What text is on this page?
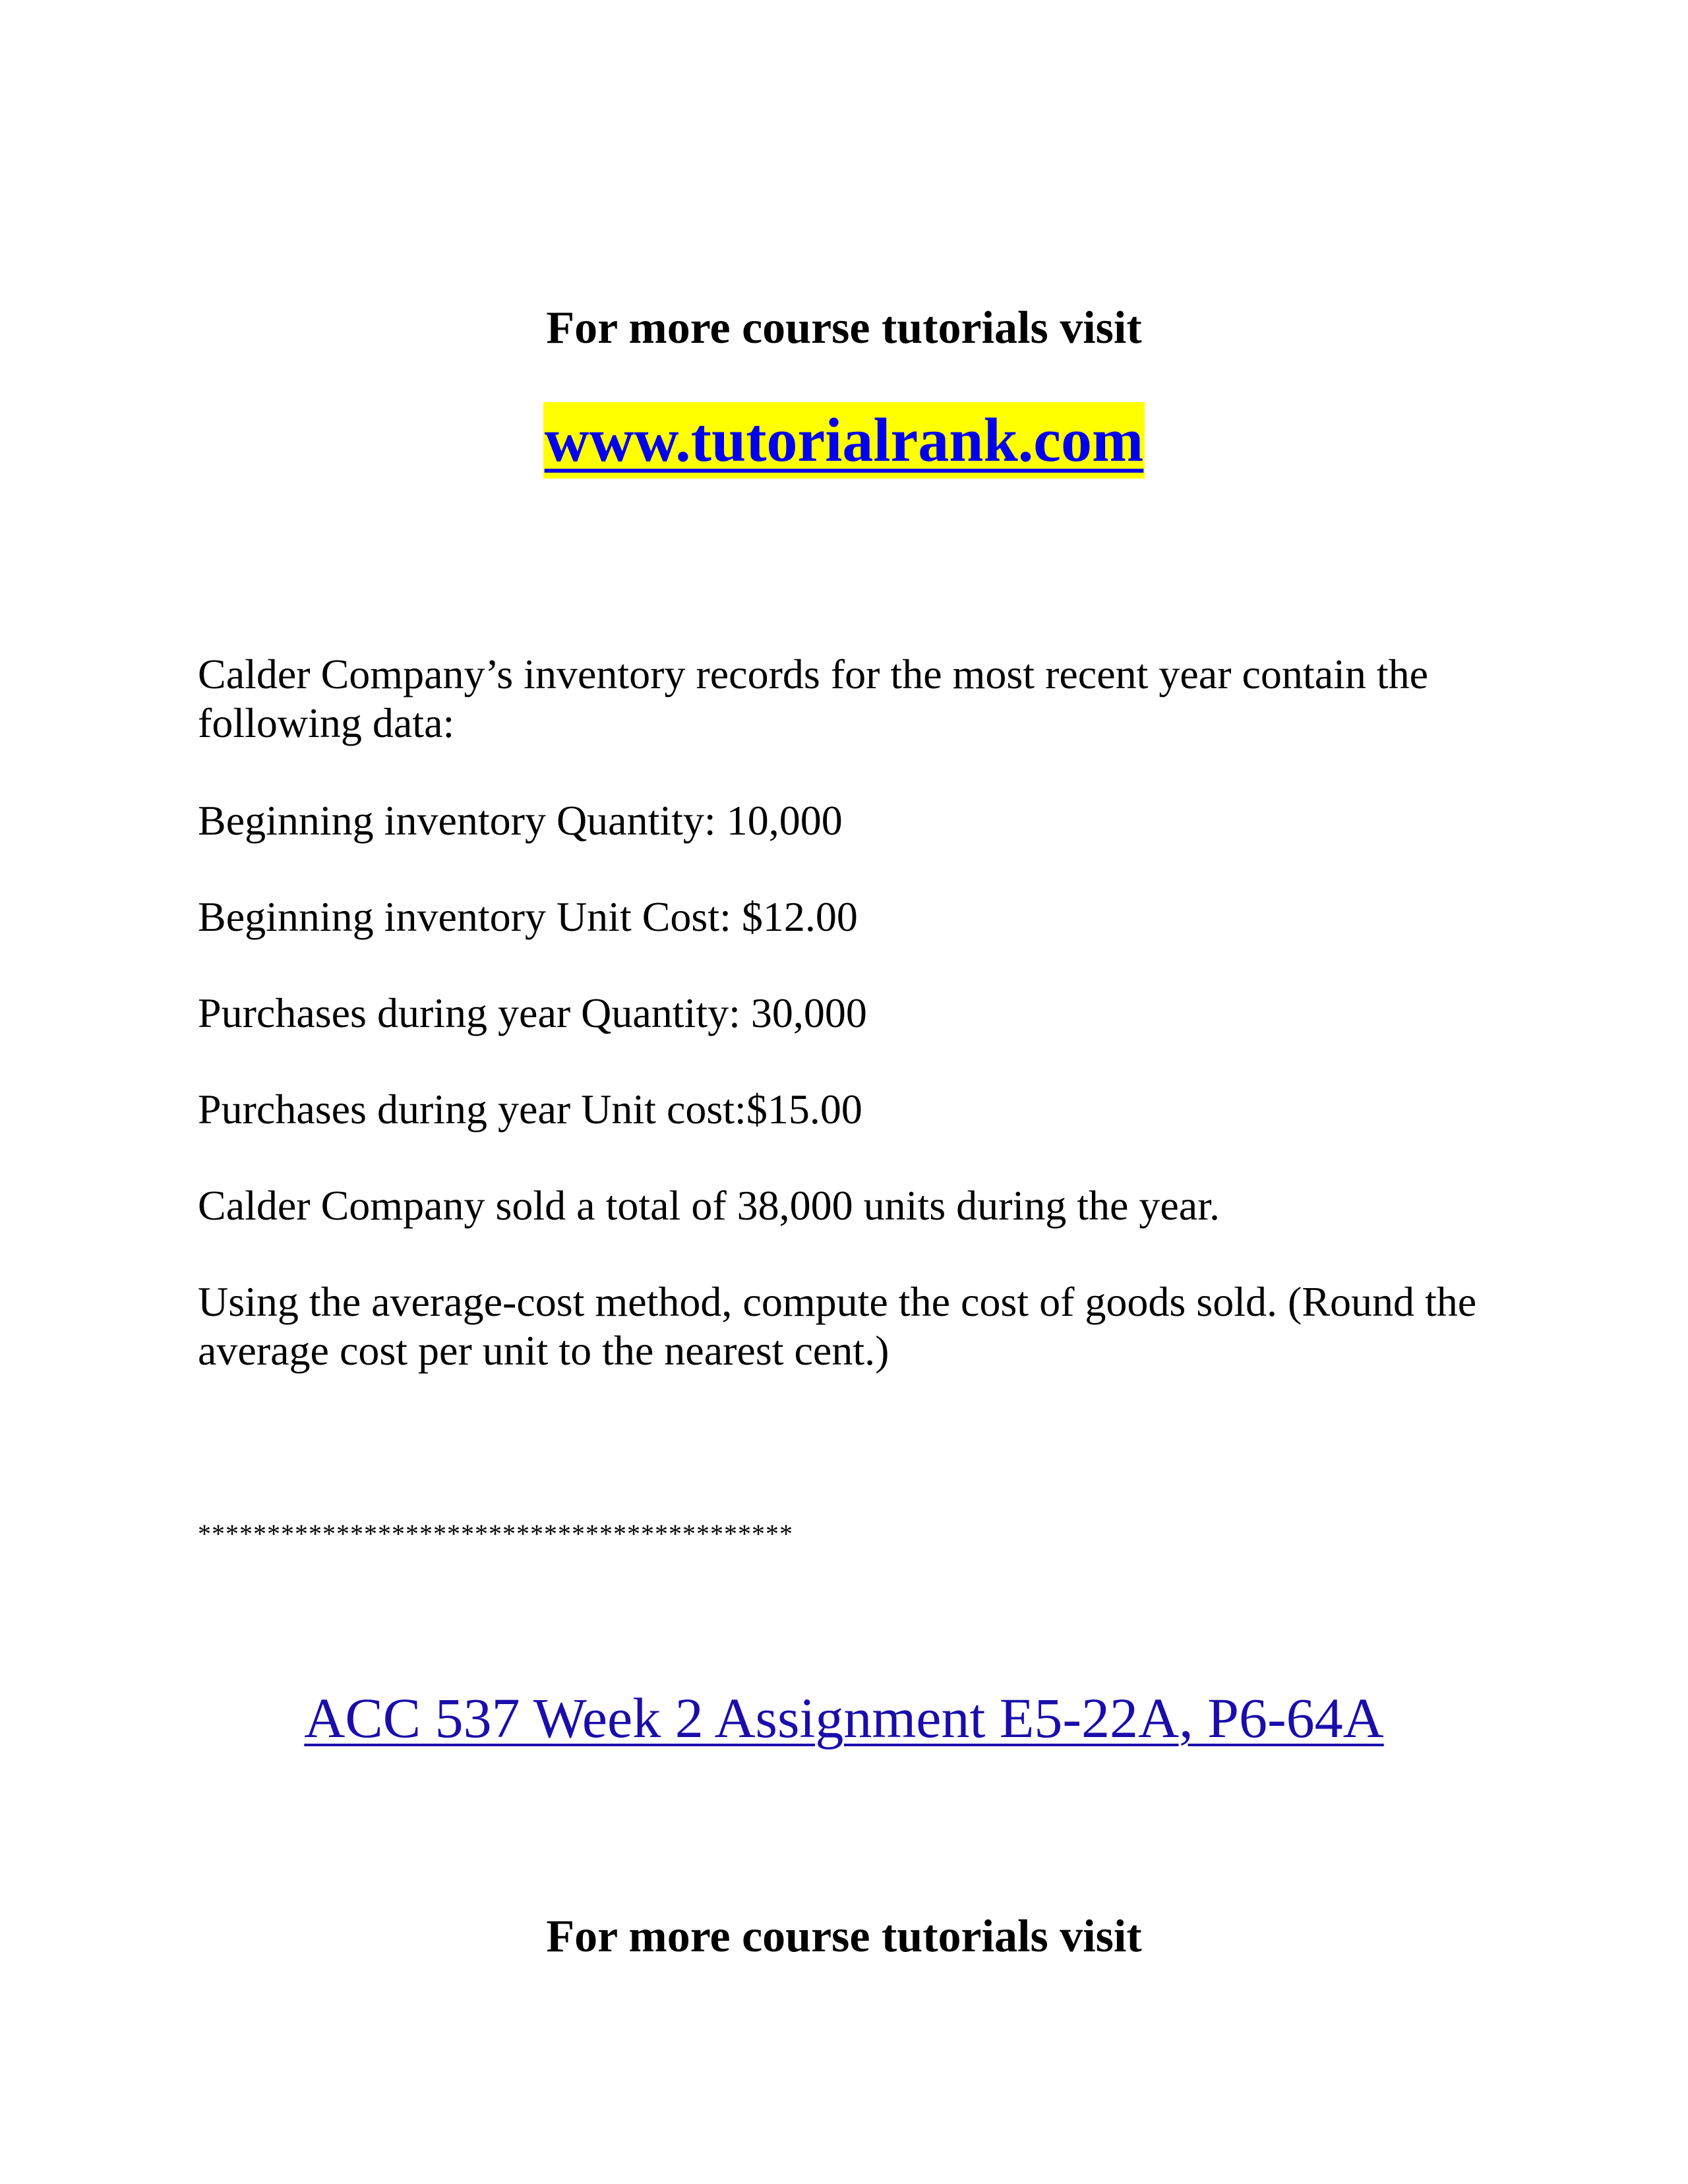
For more course tutorials visit
www.tutorialrank.com

Calder Company’s inventory records for the most recent year contain the following data:

Beginning inventory Quantity: 10,000

Beginning inventory Unit Cost: $12.00

Purchases during year Quantity: 30,000

Purchases during year Unit cost:$15.00

Calder Company sold a total of 38,000 units during the year.

Using the average-cost method, compute the cost of goods sold. (Round the average cost per unit to the nearest cent.)

*******************************************
ACC 537 Week 2 Assignment E5-22A, P6-64A
For more course tutorials visit
